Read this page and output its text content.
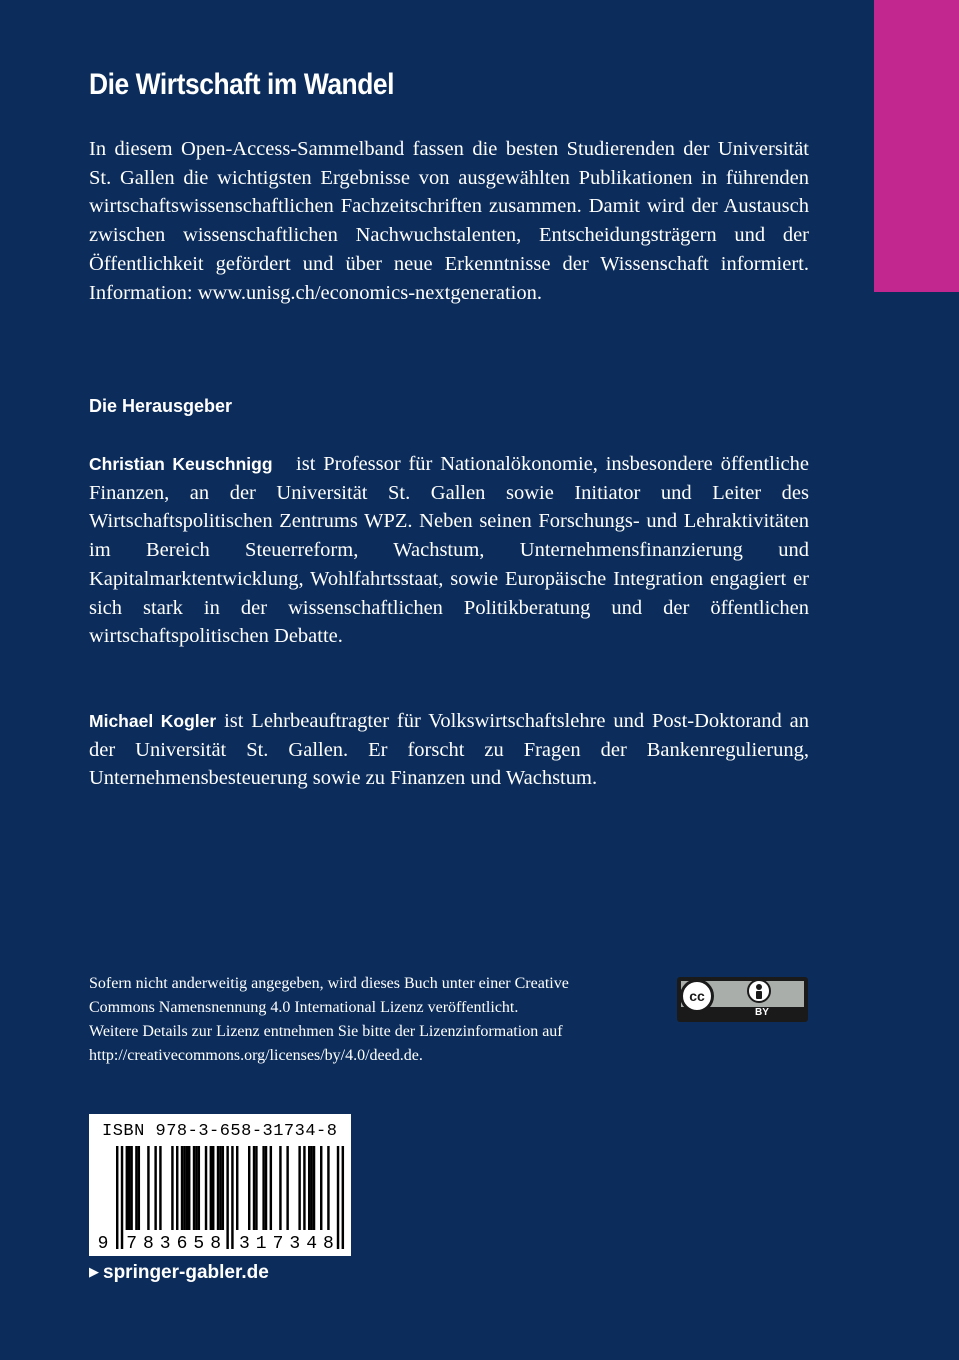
Die Wirtschaft im Wandel
In diesem Open-Access-Sammelband fassen die besten Studierenden der Universität St. Gallen die wichtigsten Ergebnisse von ausgewählten Publikationen in führenden wirtschaftswissenschaftlichen Fachzeitschriften zusammen. Damit wird der Austausch zwischen wissenschaftlichen Nachwuchstalenten, Entscheidungsträgern und der Öffentlichkeit gefördert und über neue Erkenntnisse der Wissenschaft informiert. Information: www.unisg.ch/economics-nextgeneration.
Die Herausgeber
Christian Keuschnigg ist Professor für Nationalökonomie, insbesondere öffentliche Finanzen, an der Universität St. Gallen sowie Initiator und Leiter des Wirtschaftspolitischen Zentrums WPZ. Neben seinen Forschungs- und Lehraktivitäten im Bereich Steuerreform, Wachstum, Unternehmensfinanzierung und Kapitalmarktentwicklung, Wohlfahrtsstaat, sowie Europäische Integration engagiert er sich stark in der wissenschaftlichen Politikberatung und der öffentlichen wirtschaftspolitischen Debatte.
Michael Kogler ist Lehrbeauftragter für Volkswirtschaftslehre und Post-Doktorand an der Universität St. Gallen. Er forscht zu Fragen der Bankenregulierung, Unternehmensbesteuerung sowie zu Finanzen und Wachstum.
Sofern nicht anderweitig angegeben, wird dieses Buch unter einer Creative
Commons Namensnennung 4.0 International Lizenz veröffentlicht.
Weitere Details zur Lizenz entnehmen Sie bitte der Lizenzinformation auf
http://creativecommons.org/licenses/by/4.0/deed.de.
cc
BY
ISBN 978-3-658-31734-8
9 7 8 3 6 5 8 3 1 7 3 4 8
▶ springer-gabler.de
